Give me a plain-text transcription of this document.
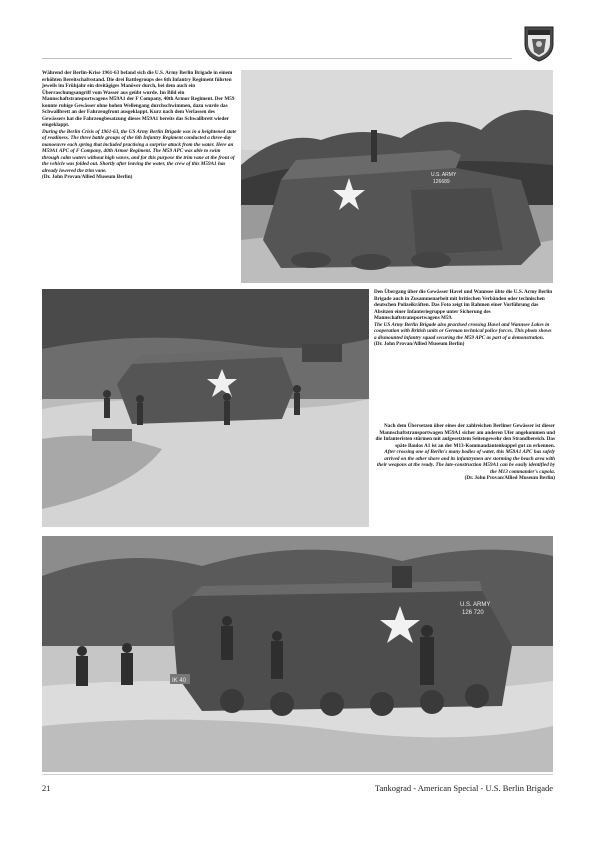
Während der Berlin-Krise 1961-63 befand sich die U.S. Army Berlin Brigade in einem erhöhten Bereitschaftsstand. Die drei Battlegroups des 6th Infantry Regiment führten jeweils im Frühjahr ein dreitägiges Manöver durch, bei dem auch ein Überraschungsangriff vom Wasser aus geübt wurde. Im Bild ein Mannschaftstransportwagens M59A1 der F Company, 40th Armor Regiment. Der M59 konnte ruhige Gewässer ohne hohen Wellengang durchschwimmen, dazu wurde das Schwallbrett an der Fahrzeugfront ausgeklappt. Kurz nach dem Verlassen des Gewässers hat die Fahrzeugbesatzung dieses M59A1 bereits das Schwallbrett wieder eingeklappt.

During the Berlin Crisis of 1961-63, the US Army Berlin Brigade was in a heightened state of readiness. The three battle groups of the 6th Infantry Regiment conducted a three-day manoeuvre each spring that included practising a surprise attack from the water. Here an M59A1 APC of F Company, 40th Armor Regiment. The M59 APC was able to swim through calm waters without high waves, and for this purpose the trim vane at the front of the vehicle was folded out. Shortly after leaving the water, the crew of this M59A1 has already lowered the trim vane.

(Dr. John Provan/Allied Museum Berlin)	U.S. ARMY
126689

Den Übergang über die Gewässer Havel und Wannsee übte die U.S. Army Berlin Brigade auch in Zusammenarbeit mit britischen Verbänden oder technischen deutschen Polizeikräften. Das Foto zeigt im Rahmen einer Vorführung das Absitzen einer Infanteriegruppe unter Sicherung des Mannschaftstransportwagens M59.

The US Army Berlin Brigade also practised crossing Havel and Wannsee Lakes in cooperation with British units or German technical police forces. This photo shows a dismounted infantry squad securing the M59 APC as part of a demonstration.

(Dr. John Provan/Allied Museum Berlin)

Nach dem Übersetzen über eines der zahlreichen Berliner Gewässer ist dieser Mannschaftstransportwagen M59A1 sicher am anderen Ufer angekommen und die Infanteristen stürmen mit aufgesetztem Seitengewehr den Strandbereich. Das späte Baulos A1 ist an der M13-Kommandantenkuppel gut zu erkennen.

After crossing one of Berlin's many bodies of water, this M59A1 APC has safely arrived on the other shore and its infantrymen are storming the beach area with their weapons at the ready. The late-construction M59A1 can be easily identified by the M13 commander's cupola.

(Dr. John Provan/Allied Museum Berlin)

IK 40
U.S. ARMY
126 720
21	Tankograd - American Special - U.S. Berlin Brigade
